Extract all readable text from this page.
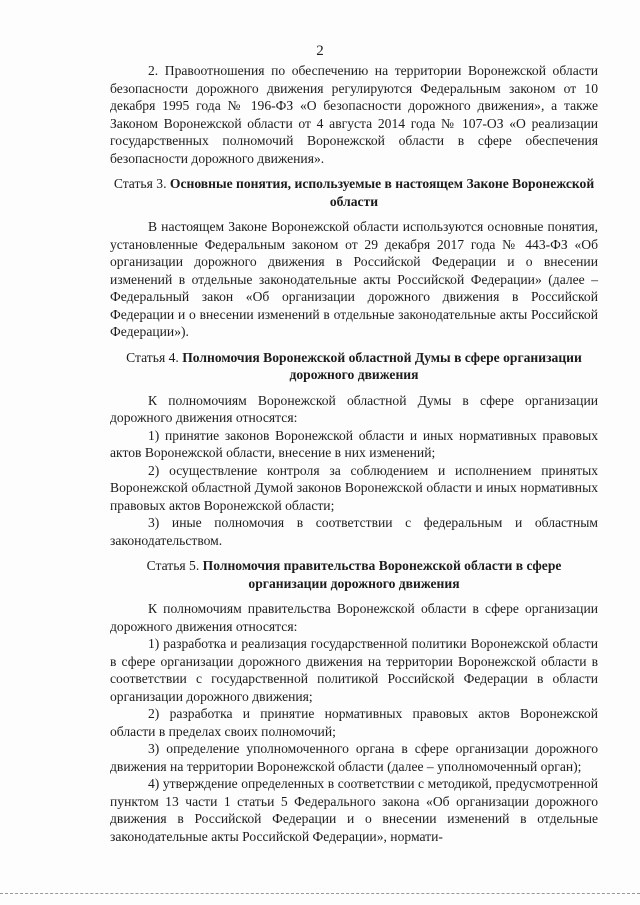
2

2. Правоотношения по обеспечению на территории Воронежской области безопасности дорожного движения регулируются Федеральным законом от 10 декабря 1995 года № 196-ФЗ «О безопасности дорожного движения», а также Законом Воронежской области от 4 августа 2014 года № 107-ОЗ «О реализации государственных полномочий Воронежской области в сфере обеспечения безопасности дорожного движения».

Статья 3. Основные понятия, используемые в настоящем Законе Воронежской области

В настоящем Законе Воронежской области используются основные понятия, установленные Федеральным законом от 29 декабря 2017 года № 443-ФЗ «Об организации дорожного движения в Российской Федерации и о внесении изменений в отдельные законодательные акты Российской Федерации» (далее – Федеральный закон «Об организации дорожного движения в Российской Федерации и о внесении изменений в отдельные законодательные акты Российской Федерации»).

Статья 4. Полномочия Воронежской областной Думы в сфере организации дорожного движения

К полномочиям Воронежской областной Думы в сфере организации дорожного движения относятся:

1) принятие законов Воронежской области и иных нормативных правовых актов Воронежской области, внесение в них изменений;

2) осуществление контроля за соблюдением и исполнением принятых Воронежской областной Думой законов Воронежской области и иных нормативных правовых актов Воронежской области;

3) иные полномочия в соответствии с федеральным и областным законодательством.

Статья 5. Полномочия правительства Воронежской области в сфере организации дорожного движения

К полномочиям правительства Воронежской области в сфере организации дорожного движения относятся:

1) разработка и реализация государственной политики Воронежской области в сфере организации дорожного движения на территории Воронежской области в соответствии с государственной политикой Российской Федерации в области организации дорожного движения;

2) разработка и принятие нормативных правовых актов Воронежской области в пределах своих полномочий;

3) определение уполномоченного органа в сфере организации дорожного движения на территории Воронежской области (далее – уполномоченный орган);

4) утверждение определенных в соответствии с методикой, предусмотренной пунктом 13 части 1 статьи 5 Федерального закона «Об организации дорожного движения в Российской Федерации и о внесении изменений в отдельные законодательные акты Российской Федерации», нормати-
